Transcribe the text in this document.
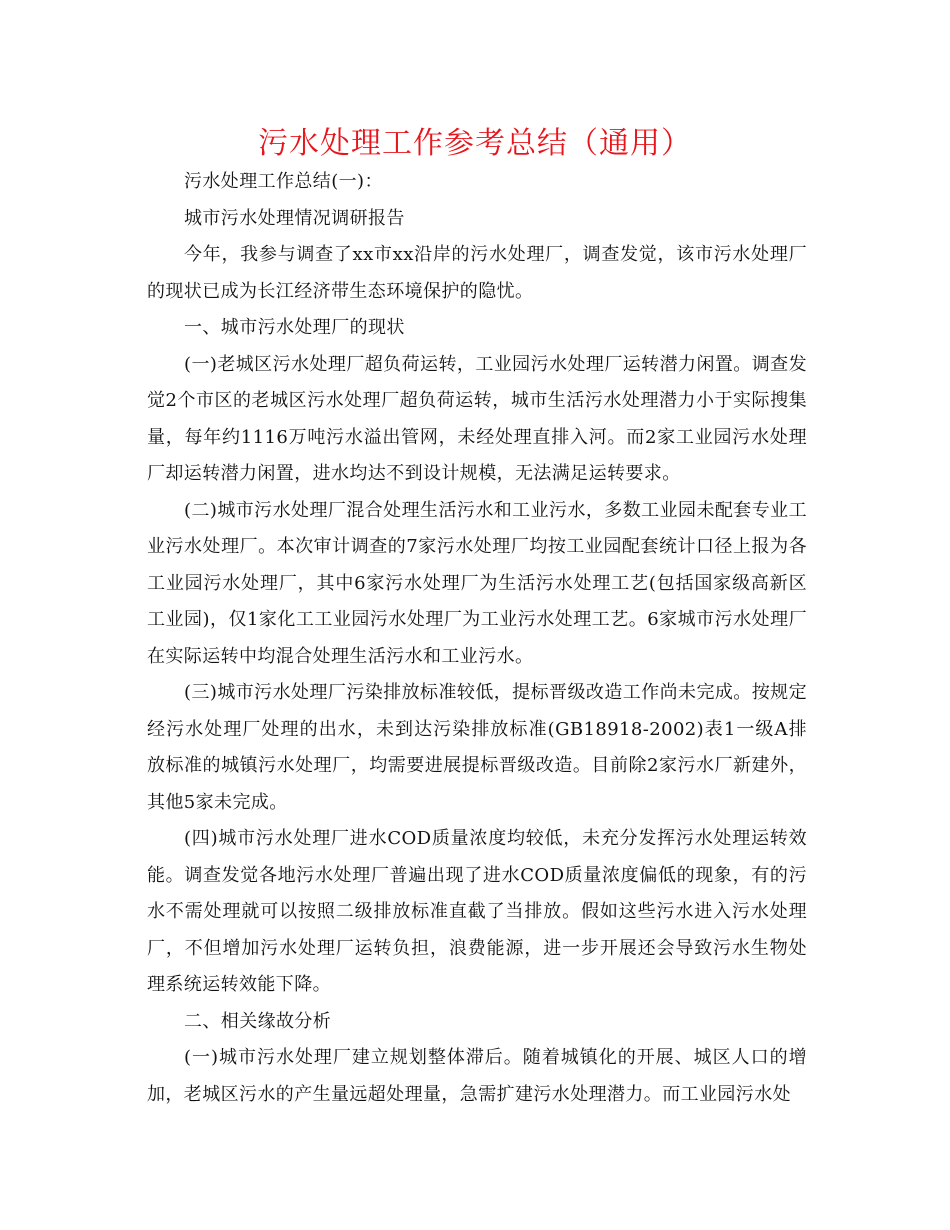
污水处理工作参考总结（通用）

污水处理工作总结(一)：

城市污水处理情况调研报告

今年，我参与调查了xx市xx沿岸的污水处理厂，调查发觉，该市污水处理厂的现状已成为长江经济带生态环境保护的隐忧。

一、城市污水处理厂的现状

(一)老城区污水处理厂超负荷运转，工业园污水处理厂运转潜力闲置。调查发觉2个市区的老城区污水处理厂超负荷运转，城市生活污水处理潜力小于实际搜集量，每年约1116万吨污水溢出管网，未经处理直排入河。而2家工业园污水处理厂却运转潜力闲置，进水均达不到设计规模，无法满足运转要求。

(二)城市污水处理厂混合处理生活污水和工业污水，多数工业园未配套专业工业污水处理厂。本次审计调查的7家污水处理厂均按工业园配套统计口径上报为各工业园污水处理厂，其中6家污水处理厂为生活污水处理工艺(包括国家级高新区工业园)，仅1家化工工业园污水处理厂为工业污水处理工艺。6家城市污水处理厂在实际运转中均混合处理生活污水和工业污水。

(三)城市污水处理厂污染排放标准较低，提标晋级改造工作尚未完成。按规定经污水处理厂处理的出水，未到达污染排放标准(GB18918-2002)表1一级A排放标准的城镇污水处理厂，均需要进展提标晋级改造。目前除2家污水厂新建外，其他5家未完成。

(四)城市污水处理厂进水COD质量浓度均较低，未充分发挥污水处理运转效能。调查发觉各地污水处理厂普遍出现了进水COD质量浓度偏低的现象，有的污水不需处理就可以按照二级排放标准直截了当排放。假如这些污水进入污水处理厂，不但增加污水处理厂运转负担，浪费能源，进一步开展还会导致污水生物处理系统运转效能下降。

二、相关缘故分析

(一)城市污水处理厂建立规划整体滞后。随着城镇化的开展、城区人口的增加，老城区污水的产生量远超处理量，急需扩建污水处理潜力。而工业园污水处
